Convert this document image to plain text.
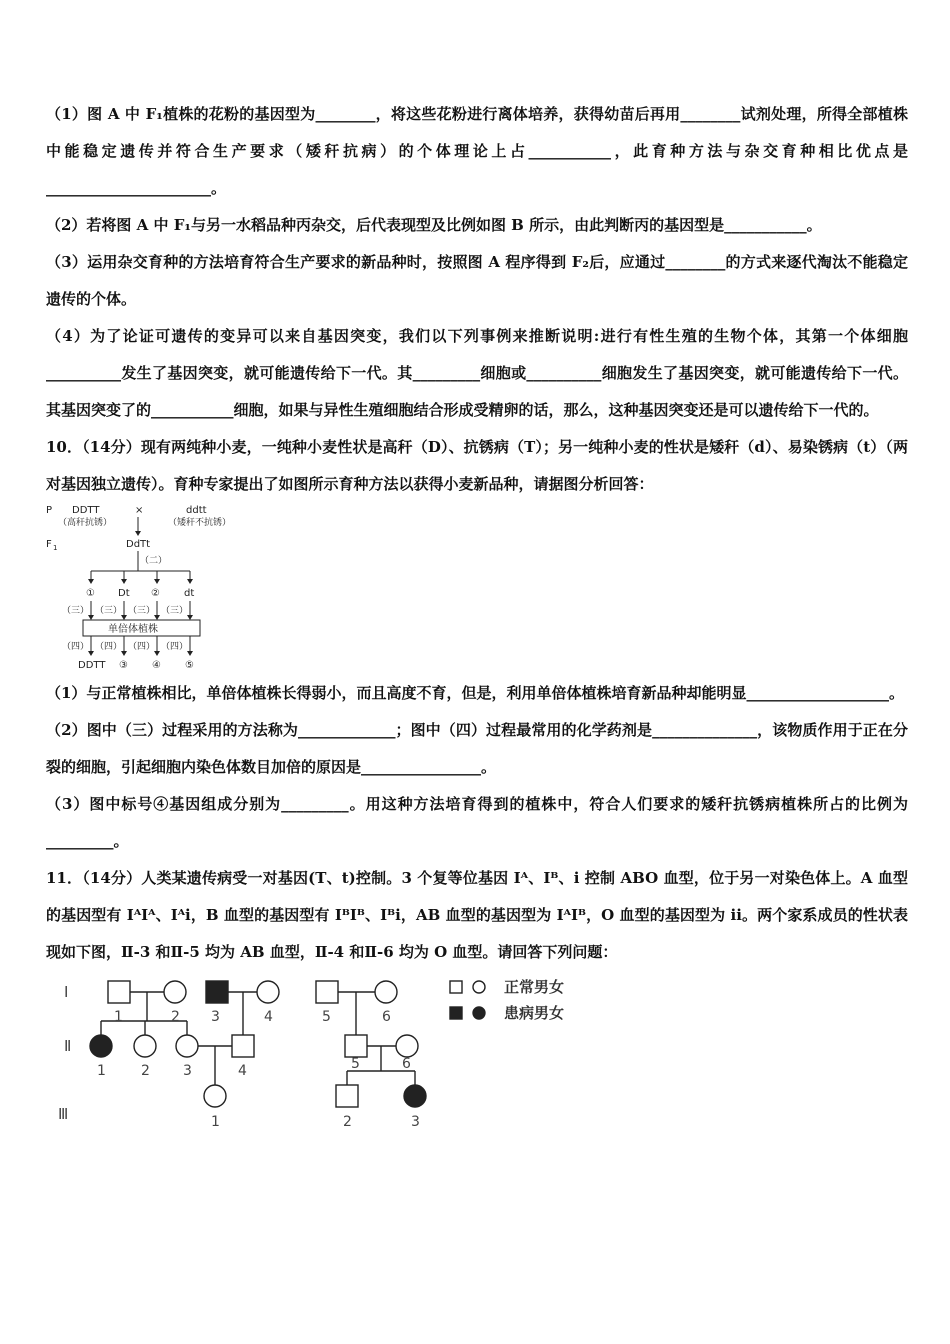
（1）图 A 中 F₁植株的花粉的基因型为________，将这些花粉进行离体培养，获得幼苗后再用________试剂处理，所得全部植株中能稳定遗传并符合生产要求（矮秆抗病）的个体理论上占___________，此育种方法与杂交育种相比优点是______________________。

（2）若将图 A 中 F₁与另一水稻品种丙杂交，后代表现型及比例如图 B 所示，由此判断丙的基因型是___________。

（3）运用杂交育种的方法培育符合生产要求的新品种时，按照图 A 程序得到 F₂后，应通过________的方式来逐代淘汰不能稳定遗传的个体。

（4）为了论证可遗传的变异可以来自基因突变，我们以下列事例来推断说明:进行有性生殖的生物个体，其第一个体细胞__________发生了基因突变，就可能遗传给下一代。其_________细胞或__________细胞发生了基因突变，就可能遗传给下一代。其基因突变了的___________细胞，如果与异性生殖细胞结合形成受精卵的话，那么，这种基因突变还是可以遗传给下一代的。

10．（14分）现有两纯种小麦，一纯种小麦性状是高秆（D）、抗锈病（T）；另一纯种小麦的性状是矮秆（d）、易染锈病（t）（两对基因独立遗传）。育种专家提出了如图所示育种方法以获得小麦新品种，请据图分析回答：

P DDTT
（高秆抗锈）
×	ddtt
（矮秆不抗锈）
F 1	DdTt
（二）
① Dt ② dt
（三） （三） （三） （三）
单倍体植株
（四） （四） （四） （四）
DDTT ③ ④ ⑤

（1）与正常植株相比，单倍体植株长得弱小，而且高度不育，但是，利用单倍体植株培育新品种却能明显___________________。

（2）图中（三）过程采用的方法称为_____________；图中（四）过程最常用的化学药剂是______________，该物质作用于正在分裂的细胞，引起细胞内染色体数目加倍的原因是________________。

（3）图中标号④基因组成分别为_________。用这种方法培育得到的植株中，符合人们要求的矮秆抗锈病植株所占的比例为_________。

11．（14分）人类某遗传病受一对基因(T、t)控制。3 个复等位基因 Iᴬ、Iᴮ、i 控制 ABO 血型，位于另一对染色体上。A 血型的基因型有 IᴬIᴬ、Iᴬi，B 血型的基因型有 IᴮIᴮ、Iᴮi，AB 血型的基因型为 IᴬIᴮ，O 血型的基因型为 ii。两个家系成员的性状表现如下图，Ⅱ-3 和Ⅱ-5 均为 AB 血型，Ⅱ-4 和Ⅱ-6 均为 O 血型。请回答下列问题：

Ⅰ
Ⅱ
Ⅲ
1	2 3	4	5	6
1	2 3	4	5	6
1	2	3
正常男女
患病男女
